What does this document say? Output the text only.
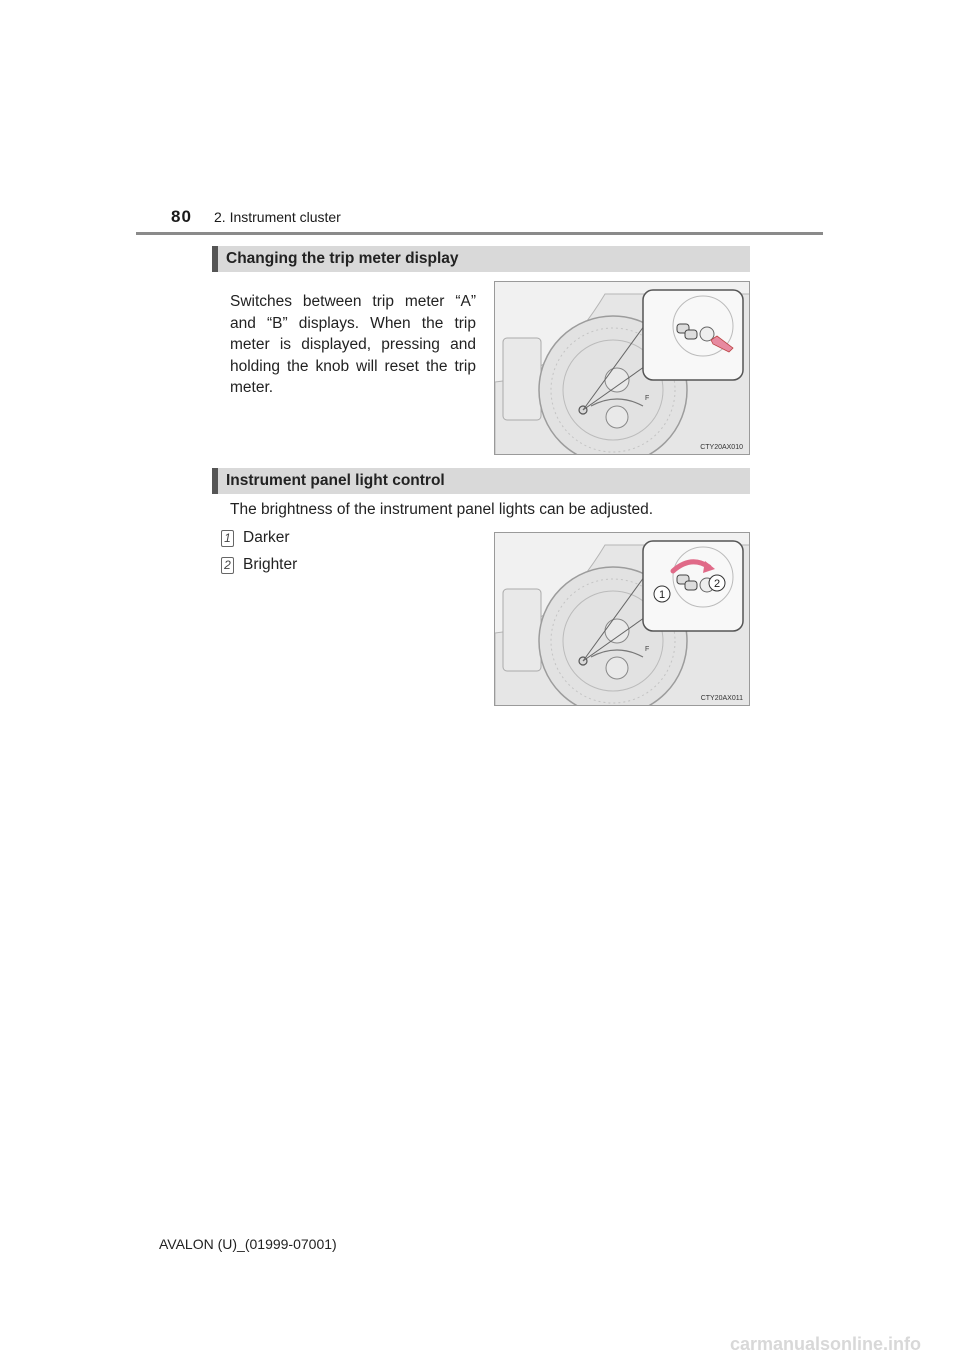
80 2. Instrument cluster
Changing the trip meter display
Switches between trip meter “A” and “B” displays. When the trip meter is displayed, pressing and holding the knob will reset the trip meter.
F
CTY20AX010
Instrument panel light control
The brightness of the instrument panel lights can be adjusted.
1 Darker
2 Brighter
1
2
F
CTY20AX011
AVALON (U)_(01999-07001)
carmanualsonline.info
